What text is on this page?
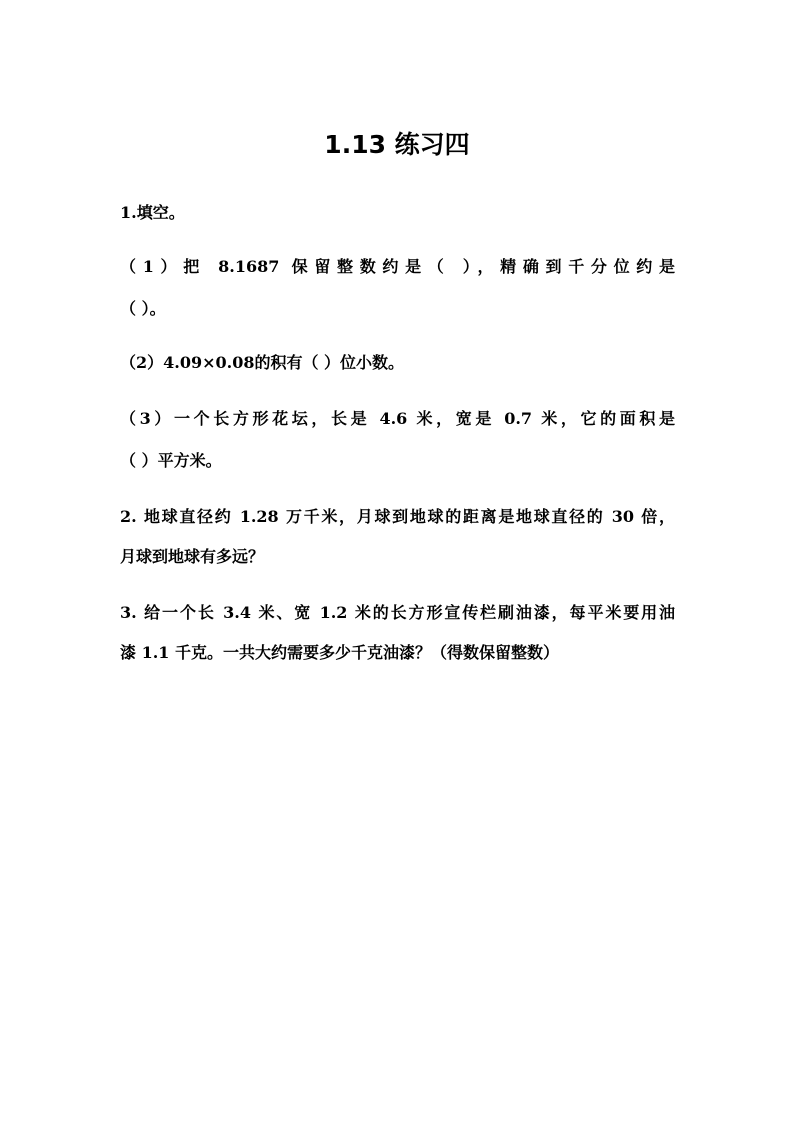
1.13 练习四
1.填空。
（1）把 8.1687 保留整数约是（ ），精确到千分位约是
（ ）。
（2）4.09×0.08的积有（ ）位小数。
（3）一个长方形花坛，长是 4.6 米，宽是 0.7 米，它的面积是
（ ）平方米。
2. 地球直径约 1.28 万千米，月球到地球的距离是地球直径的 30 倍，
月球到地球有多远？
3. 给一个长 3.4 米、宽 1.2 米的长方形宣传栏刷油漆，每平米要用油
漆 1.1 千克。一共大约需要多少千克油漆？（得数保留整数）
